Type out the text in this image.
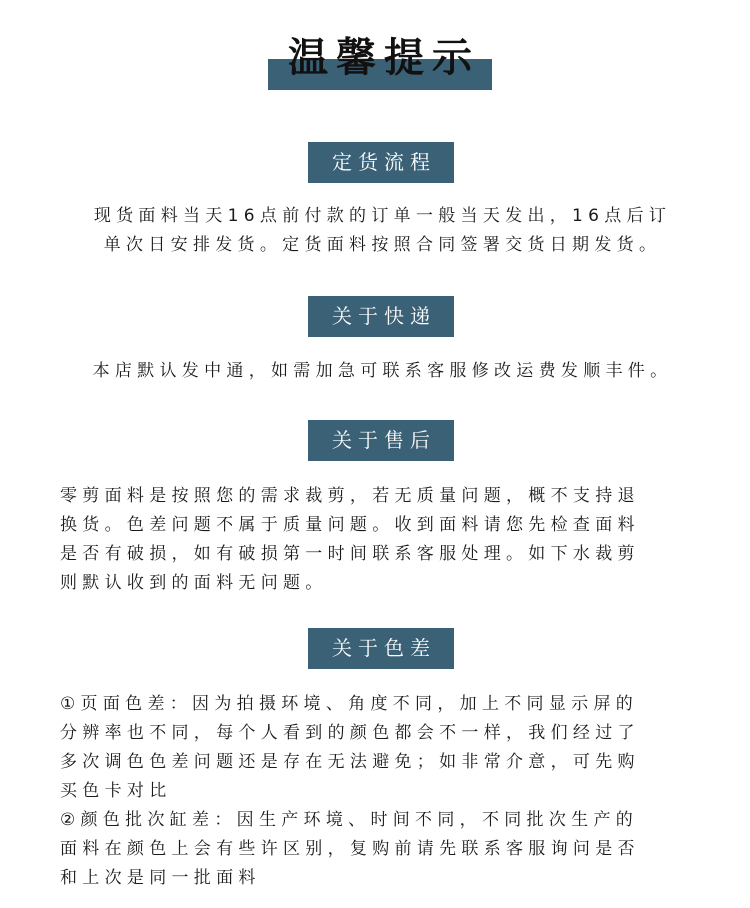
温馨提示
定货流程
现货面料当天16点前付款的订单一般当天发出，16点后订
单次日安排发货。定货面料按照合同签署交货日期发货。
关于快递
本店默认发中通，如需加急可联系客服修改运费发顺丰件。
关于售后
零剪面料是按照您的需求裁剪，若无质量问题，概不支持退
换货。色差问题不属于质量问题。收到面料请您先检查面料
是否有破损，如有破损第一时间联系客服处理。如下水裁剪
则默认收到的面料无问题。
关于色差
①页面色差：因为拍摄环境、角度不同，加上不同显示屏的
分辨率也不同，每个人看到的颜色都会不一样，我们经过了
多次调色色差问题还是存在无法避免；如非常介意，可先购
买色卡对比
②颜色批次缸差：因生产环境、时间不同，不同批次生产的
面料在颜色上会有些许区别，复购前请先联系客服询问是否
和上次是同一批面料
